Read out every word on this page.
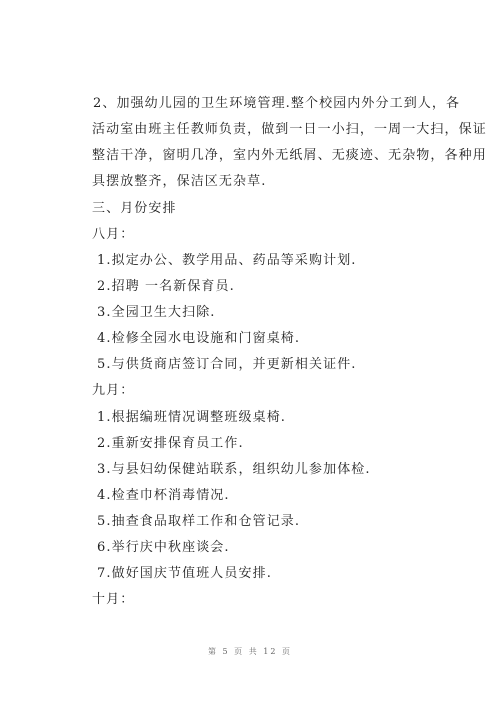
2、加强幼儿园的卫生环境管理.整个校园内外分工到人，各
活动室由班主任教师负责，做到一日一小扫，一周一大扫，保证
整洁干净，窗明几净，室内外无纸屑、无痰迹、无杂物，各种用
具摆放整齐，保洁区无杂草.
三、月份安排
八月：
1.拟定办公、教学用品、药品等采购计划.
2.招聘 一名新保育员.
3.全园卫生大扫除.
4.检修全园水电设施和门窗桌椅.
5.与供货商店签订合同，并更新相关证件.
九月：
1.根据编班情况调整班级桌椅.
2.重新安排保育员工作.
3.与县妇幼保健站联系，组织幼儿参加体检.
4.检查巾杯消毒情况.
5.抽查食品取样工作和仓管记录.
6.举行庆中秋座谈会.
7.做好国庆节值班人员安排.
十月：
第 5 页 共 12 页
